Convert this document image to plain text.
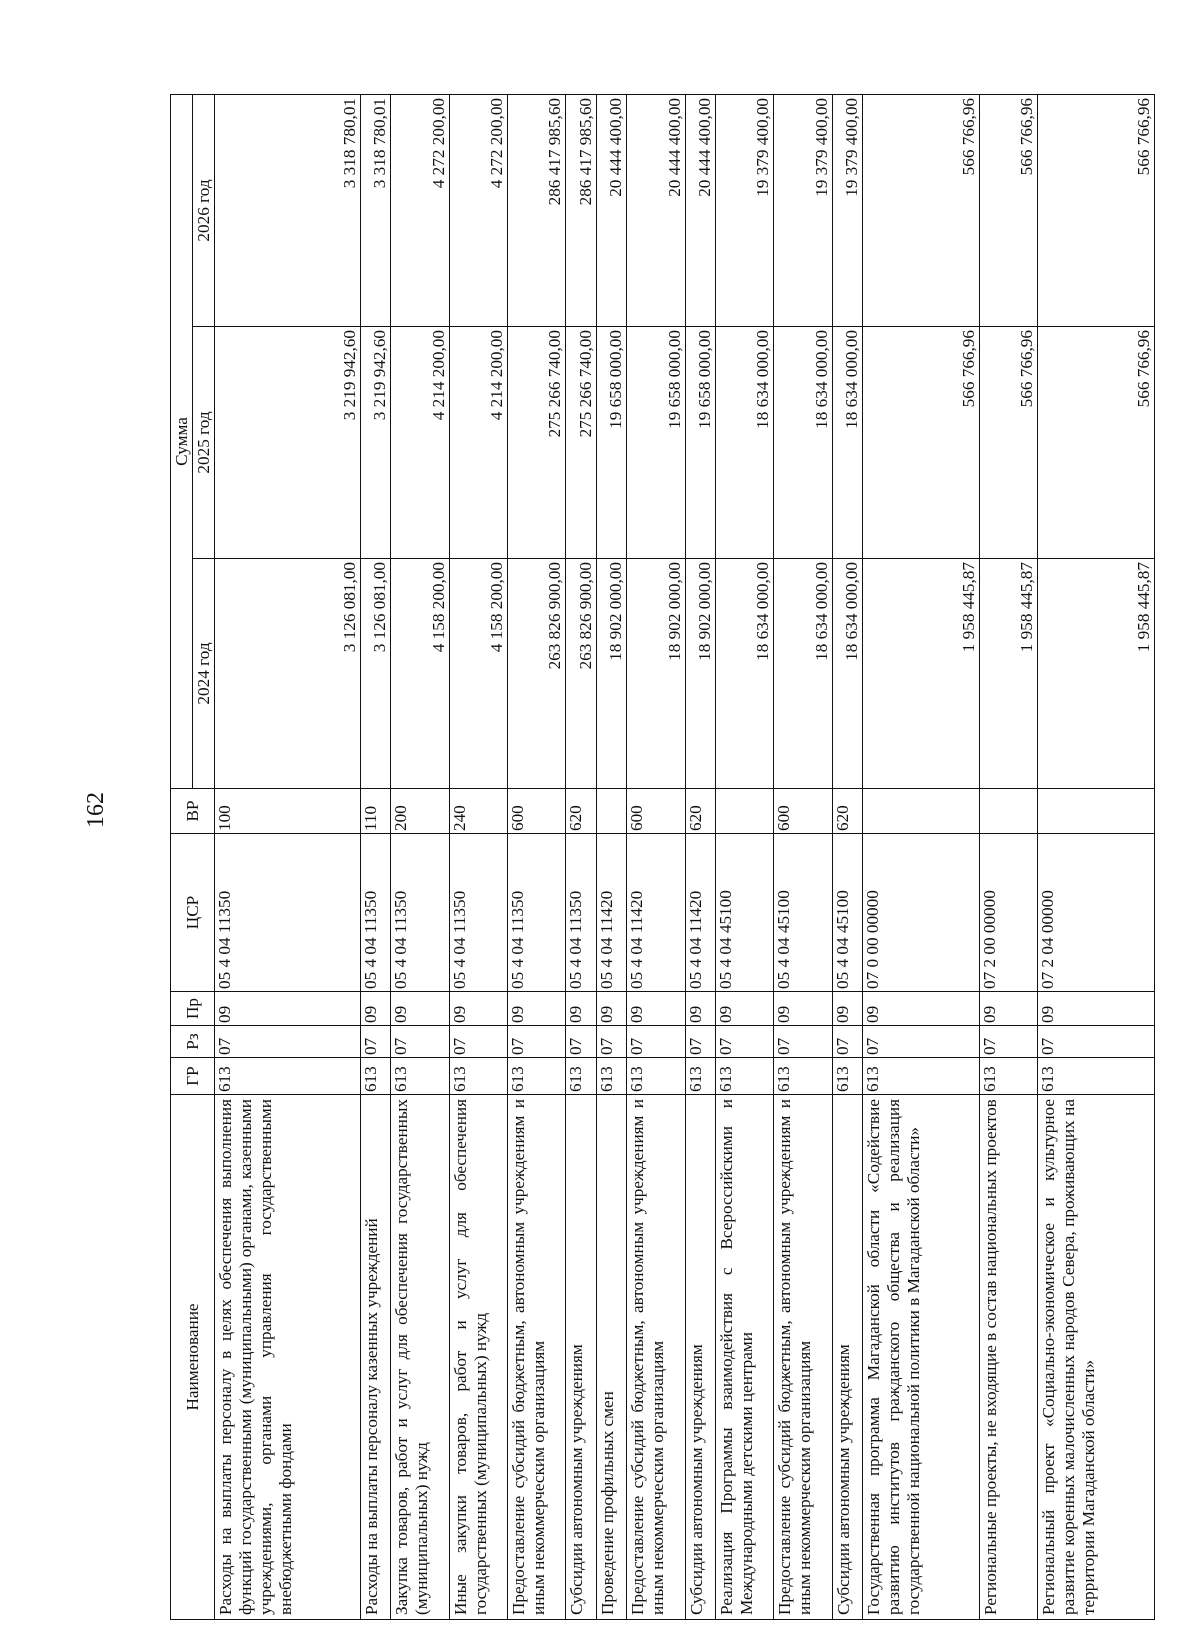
162
Наименование	ГР	Рз	Пр	ЦСР	ВР	Сумма		
						2024 год	2025 год	2026 год
Расходы на выплаты персоналу в целях обеспечения выполнения функций государственными (муниципальными) органами, казенными учреждениями, органами управления государственными внебюджетными фондами	613	07	09	05 4 04 11350	100	3 126 081,00	3 219 942,60	3 318 780,01
Расходы на выплаты персоналу казенных учреждений	613	07	09	05 4 04 11350	110	3 126 081,00	3 219 942,60	3 318 780,01
Закупка товаров, работ и услуг для обеспечения государственных (муниципальных) нужд	613	07	09	05 4 04 11350	200	4 158 200,00	4 214 200,00	4 272 200,00
Иные закупки товаров, работ и услуг для обеспечения государственных (муниципальных) нужд	613	07	09	05 4 04 11350	240	4 158 200,00	4 214 200,00	4 272 200,00
Предоставление субсидий бюджетным, автономным учреждениям и иным некоммерческим организациям	613	07	09	05 4 04 11350	600	263 826 900,00	275 266 740,00	286 417 985,60
Субсидии автономным учреждениям	613	07	09	05 4 04 11350	620	263 826 900,00	275 266 740,00	286 417 985,60
Проведение профильных смен	613	07	09	05 4 04 11420		18 902 000,00	19 658 000,00	20 444 400,00
Предоставление субсидий бюджетным, автономным учреждениям и иным некоммерческим организациям	613	07	09	05 4 04 11420	600	18 902 000,00	19 658 000,00	20 444 400,00
Субсидии автономным учреждениям	613	07	09	05 4 04 11420	620	18 902 000,00	19 658 000,00	20 444 400,00
Реализация Программы взаимодействия с Всероссийскими и Международными детскими центрами	613	07	09	05 4 04 45100		18 634 000,00	18 634 000,00	19 379 400,00
Предоставление субсидий бюджетным, автономным учреждениям и иным некоммерческим организациям	613	07	09	05 4 04 45100	600	18 634 000,00	18 634 000,00	19 379 400,00
Субсидии автономным учреждениям	613	07	09	05 4 04 45100	620	18 634 000,00	18 634 000,00	19 379 400,00
Государственная программа Магаданской области «Содействие развитию институтов гражданского общества и реализация государственной национальной политики в Магаданской области»	613	07	09	07 0 00 00000		1 958 445,87	566 766,96	566 766,96
Региональные проекты, не входящие в состав национальных проектов	613	07	09	07 2 00 00000		1 958 445,87	566 766,96	566 766,96
Региональный проект «Социально-экономическое и культурное развитие коренных малочисленных народов Севера, проживающих на территории Магаданской области»	613	07	09	07 2 04 00000		1 958 445,87	566 766,96	566 766,96
